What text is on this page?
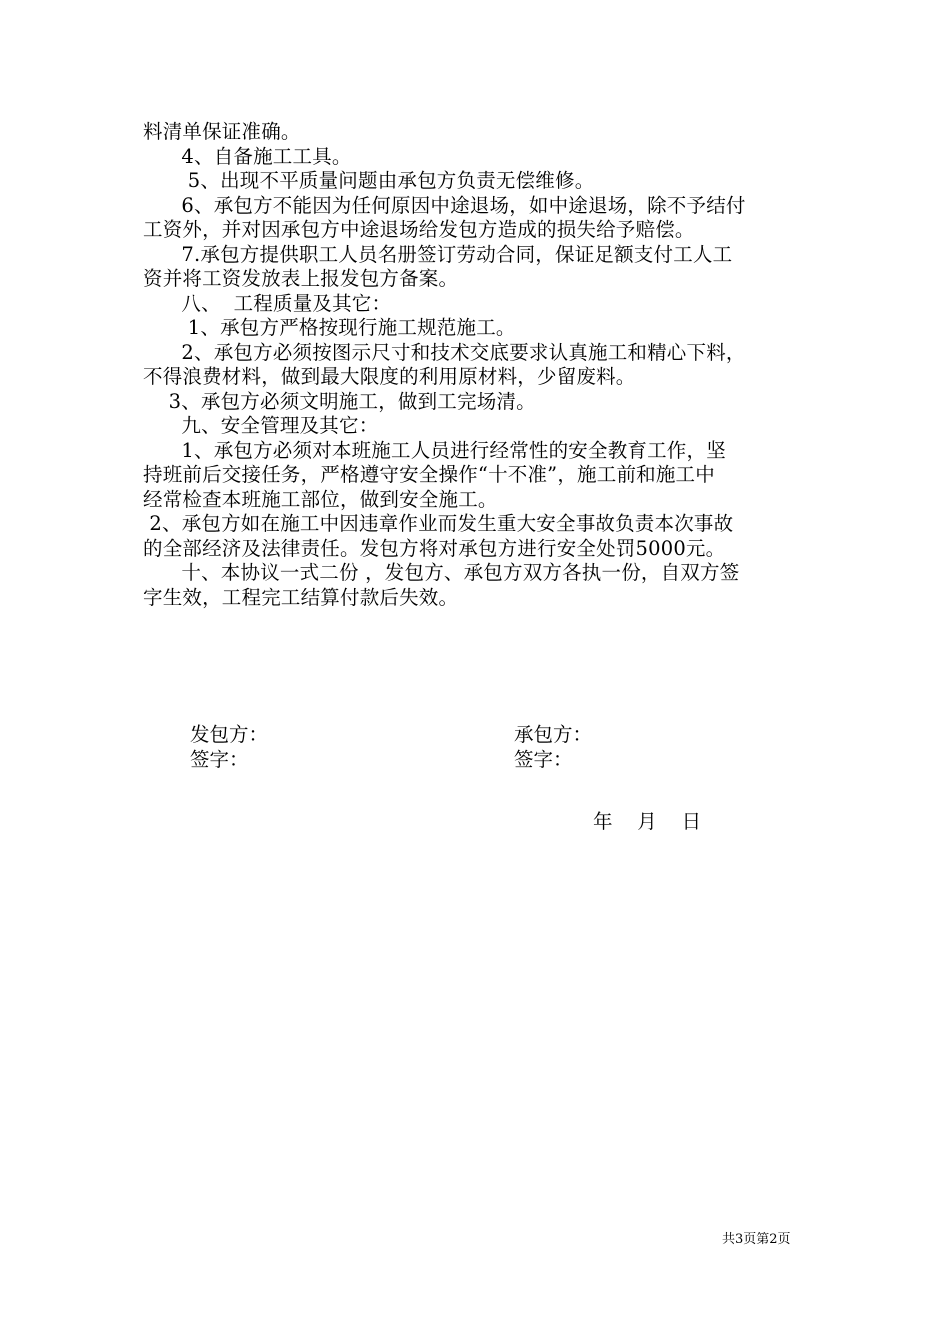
料清单保证准确。
4、自备施工工具。
5、出现不平质量问题由承包方负责无偿维修。
6、承包方不能因为任何原因中途退场，如中途退场，除不予结付
工资外，并对因承包方中途退场给发包方造成的损失给予赔偿。
7.承包方提供职工人员名册签订劳动合同，保证足额支付工人工
资并将工资发放表上报发包方备案。
八、  工程质量及其它：
1、承包方严格按现行施工规范施工。
2、承包方必须按图示尺寸和技术交底要求认真施工和精心下料，
不得浪费材料，做到最大限度的利用原材料，少留废料。
3、承包方必须文明施工，做到工完场清。
九、安全管理及其它：
1、承包方必须对本班施工人员进行经常性的安全教育工作，坚
持班前后交接任务，严格遵守安全操作“十不准”，施工前和施工中
经常检查本班施工部位，做到安全施工。
2、承包方如在施工中因违章作业而发生重大安全事故负责本次事故
的全部经济及法律责任。发包方将对承包方进行安全处罚5000元。
十、本协议一式二份 ，发包方、承包方双方各执一份，自双方签
字生效，工程完工结算付款后失效。
发包方：
签字：
承包方：
签字：
年    月    日
共3页第2页
